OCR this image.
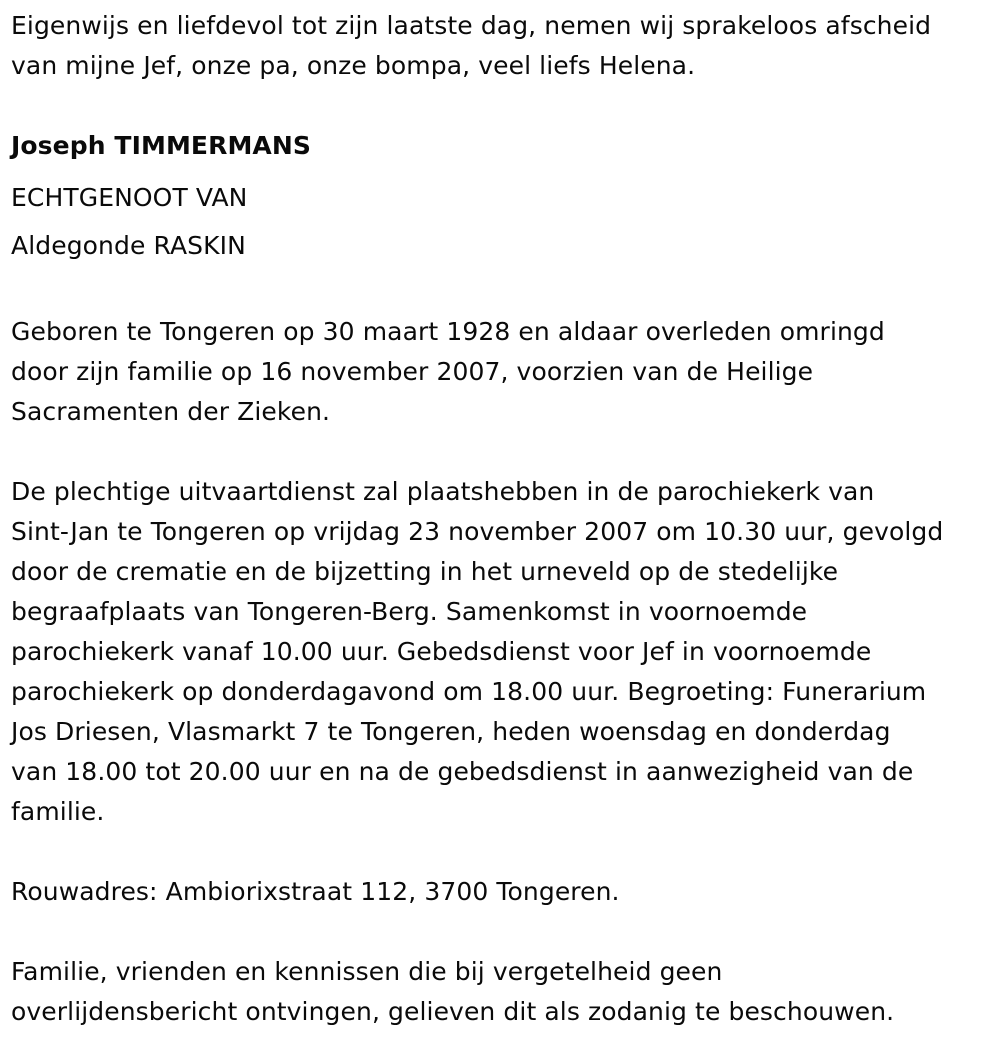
Eigenwijs en liefdevol tot zijn laatste dag, nemen wij sprakeloos afscheid
van mijne Jef, onze pa, onze bompa, veel liefs Helena.

Joseph TIMMERMANS

ECHTGENOOT VAN

Aldegonde RASKIN

Geboren te Tongeren op 30 maart 1928 en aldaar overleden omringd
door zijn familie op 16 november 2007, voorzien van de Heilige
Sacramenten der Zieken.

De plechtige uitvaartdienst zal plaatshebben in de parochiekerk van
Sint-Jan te Tongeren op vrijdag 23 november 2007 om 10.30 uur, gevolgd
door de crematie en de bijzetting in het urneveld op de stedelijke
begraafplaats van Tongeren-Berg. Samenkomst in voornoemde
parochiekerk vanaf 10.00 uur. Gebedsdienst voor Jef in voornoemde
parochiekerk op donderdagavond om 18.00 uur. Begroeting: Funerarium
Jos Driesen, Vlasmarkt 7 te Tongeren, heden woensdag en donderdag
van 18.00 tot 20.00 uur en na de gebedsdienst in aanwezigheid van de
familie.

Rouwadres: Ambiorixstraat 112, 3700 Tongeren.

Familie, vrienden en kennissen die bij vergetelheid geen
overlijdensbericht ontvingen, gelieven dit als zodanig te beschouwen.
